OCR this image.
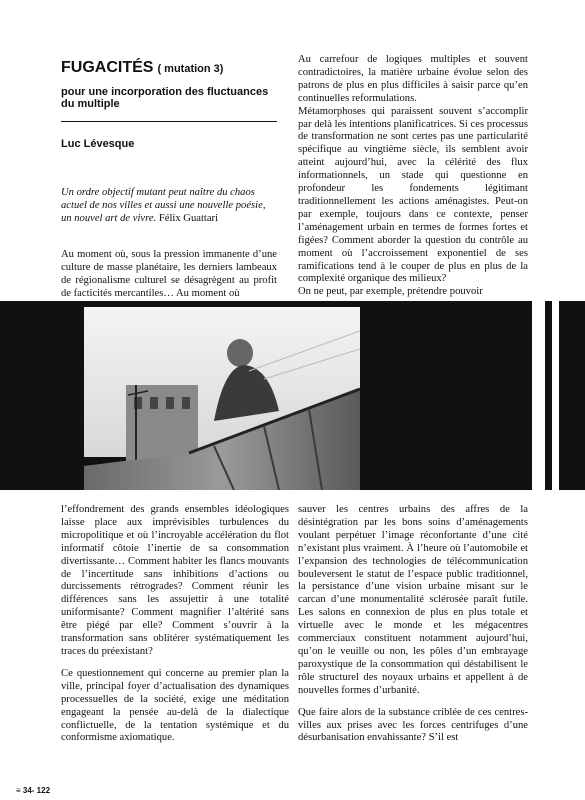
FUGACITÉS ( mutation 3)
pour une incorporation des fluctuances du multiple
Luc Lévesque
Un ordre objectif mutant peut naître du chaos actuel de nos villes et aussi une nouvelle poésie, un nouvel art de vivre. Félix Guattari

Au moment où, sous la pression immanente d’une culture de masse planétaire, les derniers lambeaux de régionalisme culturel se désagrègent au profit de facticités mercantiles… Au moment où

Au carrefour de logiques multiples et souvent contradictoires, la matière urbaine évolue selon des patrons de plus en plus difficiles à saisir parce qu’en continuelles reformulations.

Métamorphoses qui paraissent souvent s’accomplir par delà les intentions planificatrices. Si ces processus de transformation ne sont certes pas une particularité spécifique au vingtième siècle, ils semblent avoir atteint aujourd’hui, avec la célérité des flux informationnels, un stade qui questionne en profondeur les fondements légitimant traditionnellement les actions aménagistes. Peut-on par exemple, toujours dans ce contexte, penser l’aménagement urbain en termes de formes fortes et figées? Comment aborder la question du contrôle au moment où l’accroissement exponentiel de ses ramifications tend à le couper de plus en plus de la complexité organique des milieux?

On ne peut, par exemple, prétendre pouvoir

l’effondrement des grands ensembles idéologiques laisse place aux imprévisibles turbulences du micropolitique et où l’incroyable accélération du flot informatif côtoie l’inertie de sa consommation divertissante… Comment habiter les flancs mouvants de l’incertitude sans inhibitions d’actions ou durcissements rétrogrades? Comment réunir les différences sans les assujettir à une totalité uniformisante? Comment magnifier l’altérité sans être piégé par elle? Comment s’ouvrir à la transformation sans oblitérer systématiquement les traces du préexistant?

Ce questionnement qui concerne au premier plan la ville, principal foyer d’actualisation des dynamiques processuelles de la société, exige une méditation engageant la pensée au-delà de la dialectique conflictuelle, de la tentation systémique et du conformisme axiomatique.

sauver les centres urbains des affres de la désintégration par les bons soins d’aménagements voulant perpétuer l’image réconfortante d’une cité n’existant plus vraiment. À l’heure où l’automobile et l’expansion des technologies de télécommunication bouleversent le statut de l’espace public traditionnel, la persistance d’une vision urbaine misant sur le carcan d’une monumentalité sclérosée paraît futile. Les salons en connexion de plus en plus totale et virtuelle avec le monde et les mégacentres commerciaux constituent notamment aujourd’hui, qu’on le veuille ou non, les pôles d’un embrayage paroxystique de la consommation qui déstabilisent le rôle structurel des noyaux urbains et appellent à de nouvelles formes d’urbanité.

Que faire alors de la substance criblée de ces centres-villes aux prises avec les forces centrifuges d’une désurbanisation envahissante? S’il est

≡ 34- 122
